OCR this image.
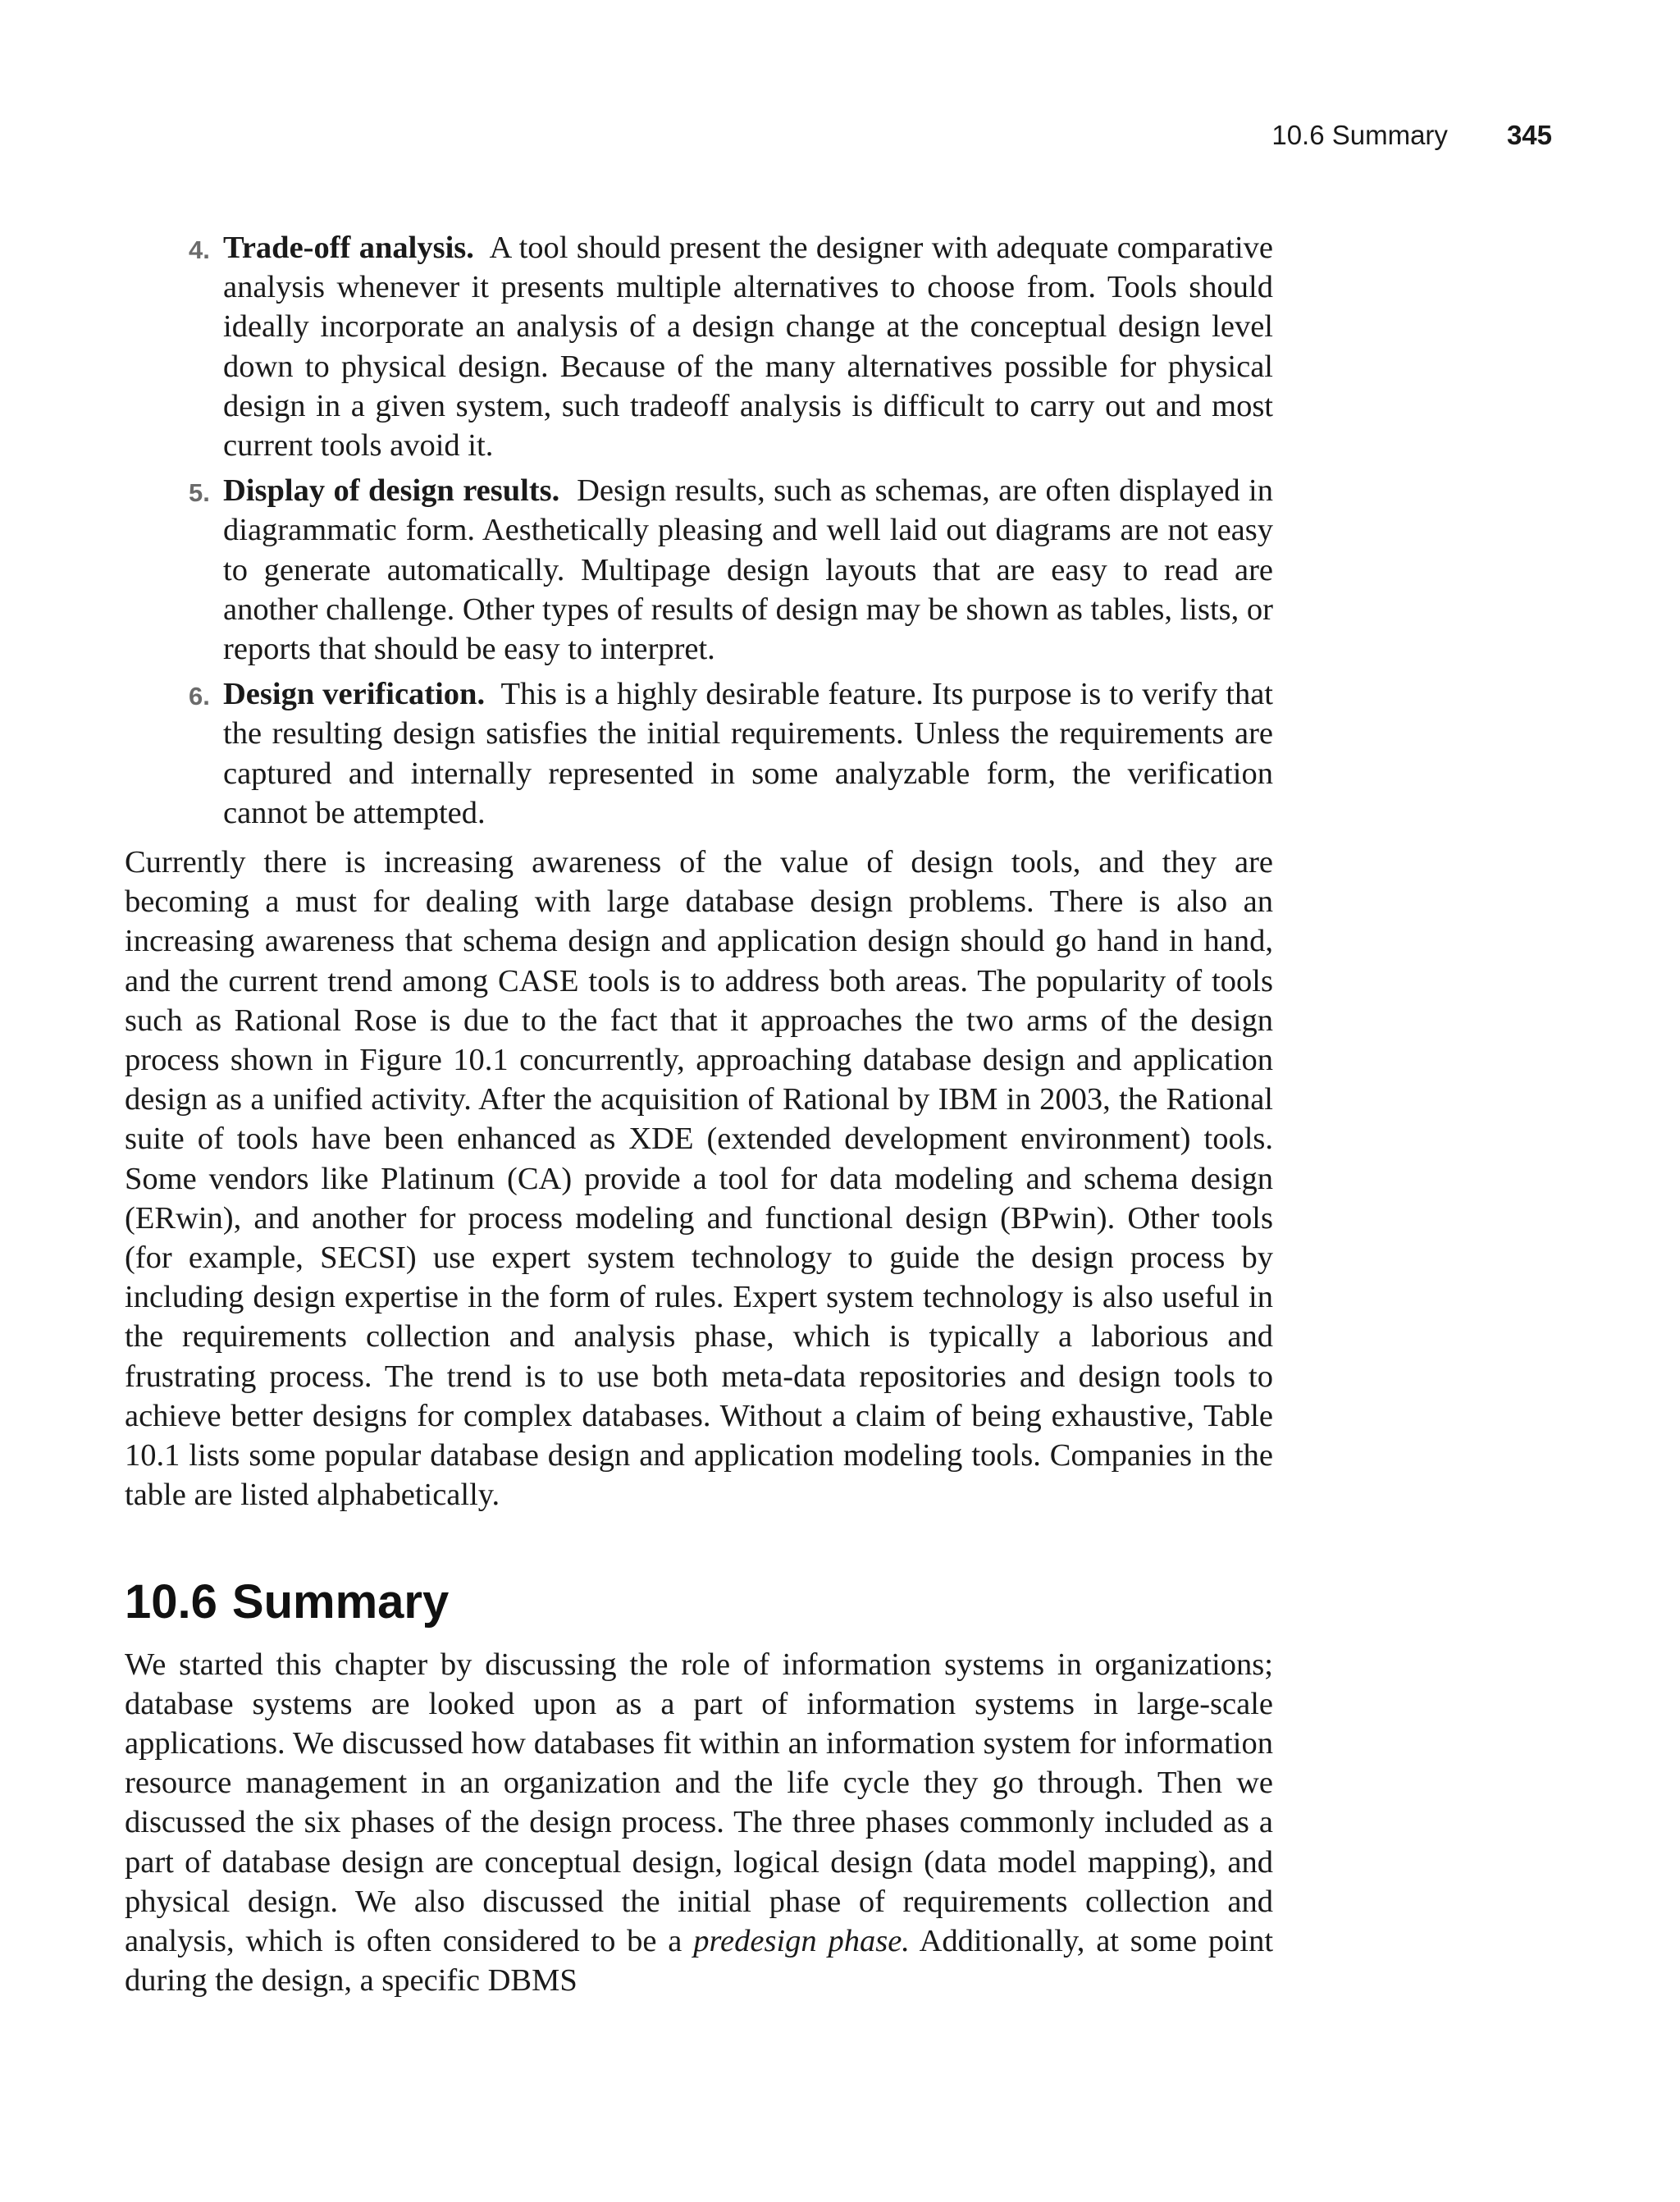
10.6 Summary 345
4. Trade-off analysis. A tool should present the designer with adequate comparative analysis whenever it presents multiple alternatives to choose from. Tools should ideally incorporate an analysis of a design change at the conceptual design level down to physical design. Because of the many alternatives possible for physical design in a given system, such tradeoff analysis is difficult to carry out and most current tools avoid it.
5. Display of design results. Design results, such as schemas, are often displayed in diagrammatic form. Aesthetically pleasing and well laid out diagrams are not easy to generate automatically. Multipage design layouts that are easy to read are another challenge. Other types of results of design may be shown as tables, lists, or reports that should be easy to interpret.
6. Design verification. This is a highly desirable feature. Its purpose is to verify that the resulting design satisfies the initial requirements. Unless the requirements are captured and internally represented in some analyzable form, the verification cannot be attempted.

Currently there is increasing awareness of the value of design tools, and they are becoming a must for dealing with large database design problems. There is also an increasing awareness that schema design and application design should go hand in hand, and the current trend among CASE tools is to address both areas. The popularity of tools such as Rational Rose is due to the fact that it approaches the two arms of the design process shown in Figure 10.1 concurrently, approaching database design and application design as a unified activity. After the acquisition of Rational by IBM in 2003, the Rational suite of tools have been enhanced as XDE (extended development environment) tools. Some vendors like Platinum (CA) provide a tool for data modeling and schema design (ERwin), and another for process modeling and functional design (BPwin). Other tools (for example, SECSI) use expert system technology to guide the design process by including design expertise in the form of rules. Expert system technology is also useful in the requirements collection and analysis phase, which is typically a laborious and frustrating process. The trend is to use both meta-data repositories and design tools to achieve better designs for complex databases. Without a claim of being exhaustive, Table 10.1 lists some popular database design and application modeling tools. Companies in the table are listed alphabetically.

10.6 Summary

We started this chapter by discussing the role of information systems in organizations; database systems are looked upon as a part of information systems in large-scale applications. We discussed how databases fit within an information system for information resource management in an organization and the life cycle they go through. Then we discussed the six phases of the design process. The three phases commonly included as a part of database design are conceptual design, logical design (data model mapping), and physical design. We also discussed the initial phase of requirements collection and analysis, which is often considered to be a predesign phase. Additionally, at some point during the design, a specific DBMS
